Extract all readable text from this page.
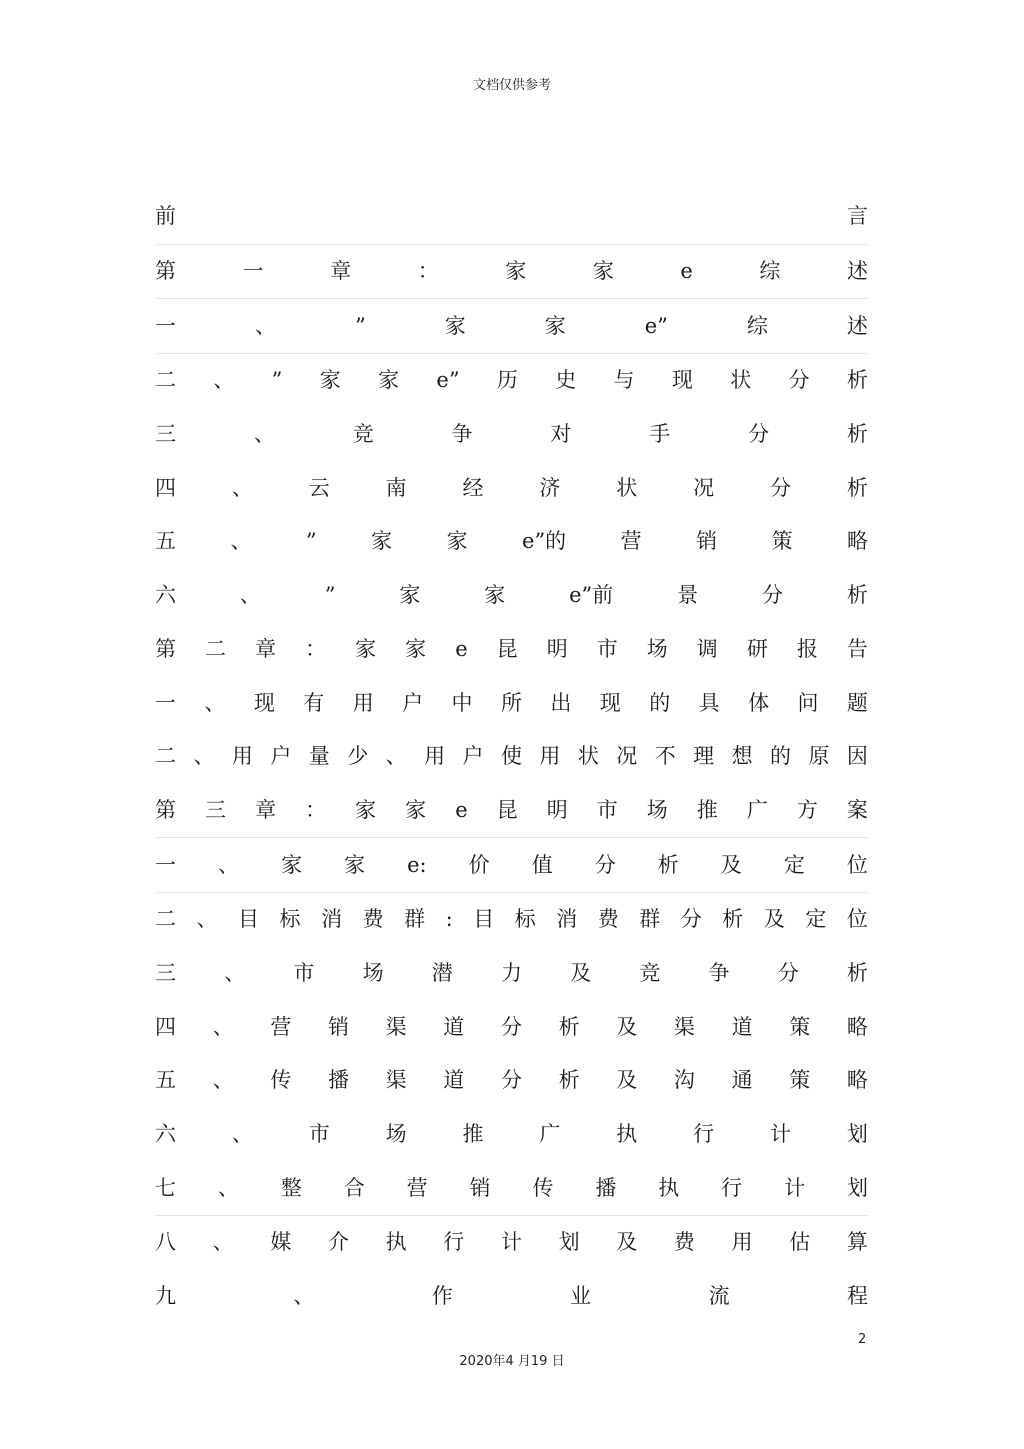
文档仅供参考
前	言
第	一	章	：	家	家	e	综	述
一	、	”	家	家	e”	综	述
二 、 ” 家 家 e” 历 史 与 现 状 分 析
三	、	竞	争	对	手	分	析
四	、	云	南	经	济	状	况	分	析
五	、	”	家	家	e”的	营	销	策	略
六	、	”	家	家	e”前	景	分	析
第 二 章 ： 家 家 e 昆 明 市 场 调 研 报 告
一 、 现 有 用 户 中 所 出 现 的 具 体 问 题
二 、 用 户 量 少 、 用 户 使 用 状 况 不 理 想 的 原 因
第 三 章 ： 家 家 e 昆 明 市 场 推 广 方 案
一 、 家 家 e: 价 值 分 析 及 定 位
二 、 目 标 消 费 群 : 目 标 消 费 群 分 析 及 定 位
三 、 市 场 潜 力 及 竞 争 分 析
四 、 营 销 渠 道 分 析 及 渠 道 策 略
五 、 传 播 渠 道 分 析 及 沟 通 策 略
六	、	市	场	推	广	执	行	计	划
七 、 整 合 营 销 传 播 执 行 计 划
八 、 媒 介 执 行 计 划 及 费 用 估 算
九	、	作	业	流	程
2
2020年4 月19 日
